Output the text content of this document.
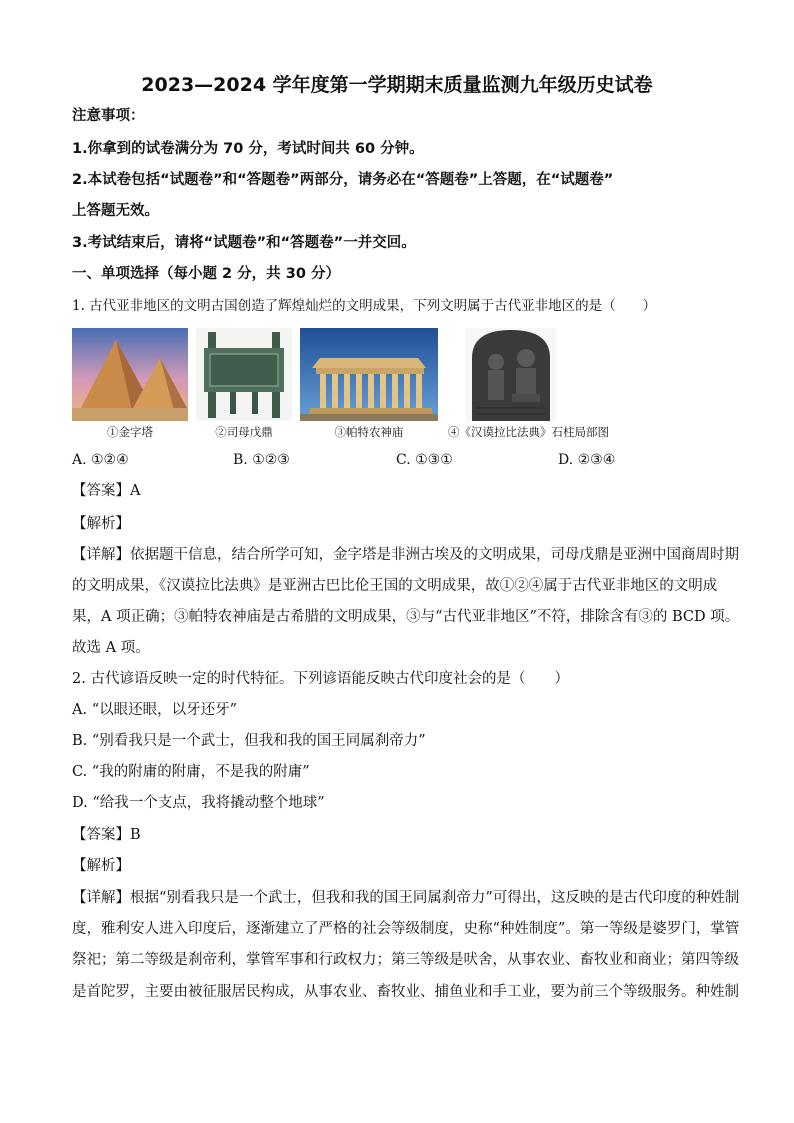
2023—2024 学年度第一学期期末质量监测九年级历史试卷
注意事项：
1.你拿到的试卷满分为 70 分，考试时间共 60 分钟。
2.本试卷包括“试题卷”和“答题卷”两部分，请务必在“答题卷”上答题，在“试题卷”
上答题无效。
3.考试结束后，请将“试题卷”和“答题卷”一并交回。
一、单项选择（每小题 2 分，共 30 分）
1. 古代亚非地区的文明古国创造了辉煌灿烂的文明成果，下列文明属于古代亚非地区的是（　　）
①金字塔	②司母戊鼎	③帕特农神庙	④《汉谟拉比法典》石柱局部图
A. ①②④	B. ①②③	C. ①③①	D. ②③④
【答案】A
【解析】
【详解】依据题干信息，结合所学可知，金字塔是非洲古埃及的文明成果，司母戊鼎是亚洲中国商周时期
的文明成果，《汉谟拉比法典》是亚洲古巴比伦王国的文明成果，故①②④属于古代亚非地区的文明成
果，A 项正确；③帕特农神庙是古希腊的文明成果，③与“古代亚非地区”不符，排除含有③的 BCD 项。
故选 A 项。
2. 古代谚语反映一定的时代特征。下列谚语能反映古代印度社会的是（　　）
A. “以眼还眼，以牙还牙”
B. “别看我只是一个武士，但我和我的国王同属刹帝力”
C. “我的附庸的附庸，不是我的附庸”
D. “给我一个支点，我将撬动整个地球”
【答案】B
【解析】
【详解】根据“别看我只是一个武士，但我和我的国王同属刹帝力”可得出，这反映的是古代印度的种姓制
度，雅利安人进入印度后，逐渐建立了严格的社会等级制度，史称“种姓制度”。第一等级是婆罗门，掌管
祭祀；第二等级是刹帝利，掌管军事和行政权力；第三等级是吠舍，从事农业、畜牧业和商业；第四等级
是首陀罗，主要由被征服居民构成，从事农业、畜牧业、捕鱼业和手工业，要为前三个等级服务。种姓制
